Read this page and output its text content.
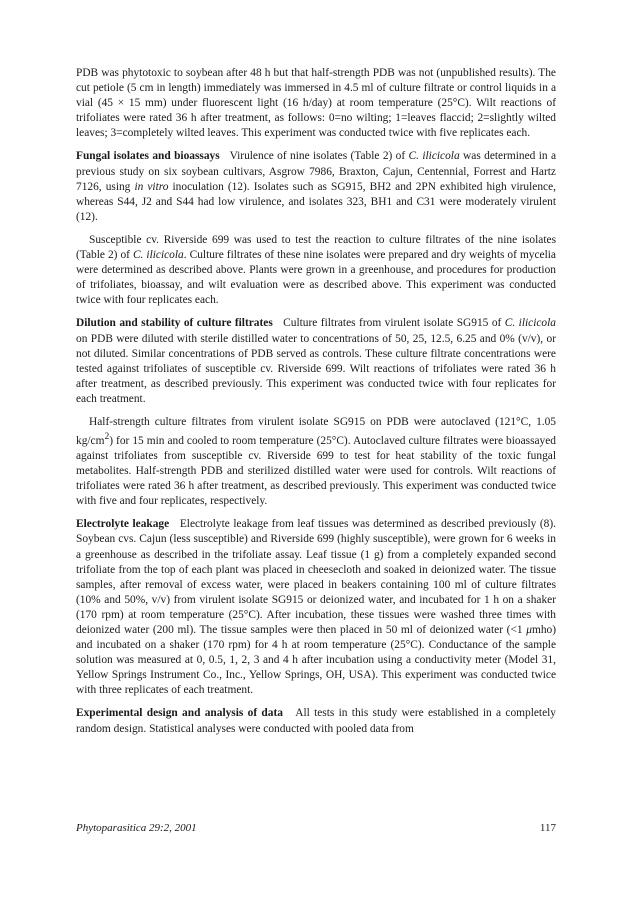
PDB was phytotoxic to soybean after 48 h but that half-strength PDB was not (unpublished results). The cut petiole (5 cm in length) immediately was immersed in 4.5 ml of culture filtrate or control liquids in a vial (45 × 15 mm) under fluorescent light (16 h/day) at room temperature (25°C). Wilt reactions of trifoliates were rated 36 h after treatment, as follows: 0=no wilting; 1=leaves flaccid; 2=slightly wilted leaves; 3=completely wilted leaves. This experiment was conducted twice with five replicates each.

Fungal isolates and bioassays Virulence of nine isolates (Table 2) of C. ilicicola was determined in a previous study on six soybean cultivars, Asgrow 7986, Braxton, Cajun, Centennial, Forrest and Hartz 7126, using in vitro inoculation (12). Isolates such as SG915, BH2 and 2PN exhibited high virulence, whereas S44, J2 and S44 had low virulence, and isolates 323, BH1 and C31 were moderately virulent (12).

Susceptible cv. Riverside 699 was used to test the reaction to culture filtrates of the nine isolates (Table 2) of C. ilicicola. Culture filtrates of these nine isolates were prepared and dry weights of mycelia were determined as described above. Plants were grown in a greenhouse, and procedures for production of trifoliates, bioassay, and wilt evaluation were as described above. This experiment was conducted twice with four replicates each.

Dilution and stability of culture filtrates Culture filtrates from virulent isolate SG915 of C. ilicicola on PDB were diluted with sterile distilled water to concentrations of 50, 25, 12.5, 6.25 and 0% (v/v), or not diluted. Similar concentrations of PDB served as controls. These culture filtrate concentrations were tested against trifoliates of susceptible cv. Riverside 699. Wilt reactions of trifoliates were rated 36 h after treatment, as described previously. This experiment was conducted twice with four replicates for each treatment.

Half-strength culture filtrates from virulent isolate SG915 on PDB were autoclaved (121°C, 1.05 $kg/cm^2$) for 15 min and cooled to room temperature (25°C). Autoclaved culture filtrates were bioassayed against trifoliates from susceptible cv. Riverside 699 to test for heat stability of the toxic fungal metabolites. Half-strength PDB and sterilized distilled water were used for controls. Wilt reactions of trifoliates were rated 36 h after treatment, as described previously. This experiment was conducted twice with five and four replicates, respectively.

Electrolyte leakage Electrolyte leakage from leaf tissues was determined as described previously (8). Soybean cvs. Cajun (less susceptible) and Riverside 699 (highly susceptible), were grown for 6 weeks in a greenhouse as described in the trifoliate assay. Leaf tissue (1 g) from a completely expanded second trifoliate from the top of each plant was placed in cheesecloth and soaked in deionized water. The tissue samples, after removal of excess water, were placed in beakers containing 100 ml of culture filtrates (10% and 50%, v/v) from virulent isolate SG915 or deionized water, and incubated for 1 h on a shaker (170 rpm) at room temperature (25°C). After incubation, these tissues were washed three times with deionized water (200 ml). The tissue samples were then placed in 50 ml of deionized water (<1 μmho) and incubated on a shaker (170 rpm) for 4 h at room temperature (25°C). Conductance of the sample solution was measured at 0, 0.5, 1, 2, 3 and 4 h after incubation using a conductivity meter (Model 31, Yellow Springs Instrument Co., Inc., Yellow Springs, OH, USA). This experiment was conducted twice with three replicates of each treatment.

Experimental design and analysis of data All tests in this study were established in a completely random design. Statistical analyses were conducted with pooled data from

Phytoparasitica 29:2, 2001	117
